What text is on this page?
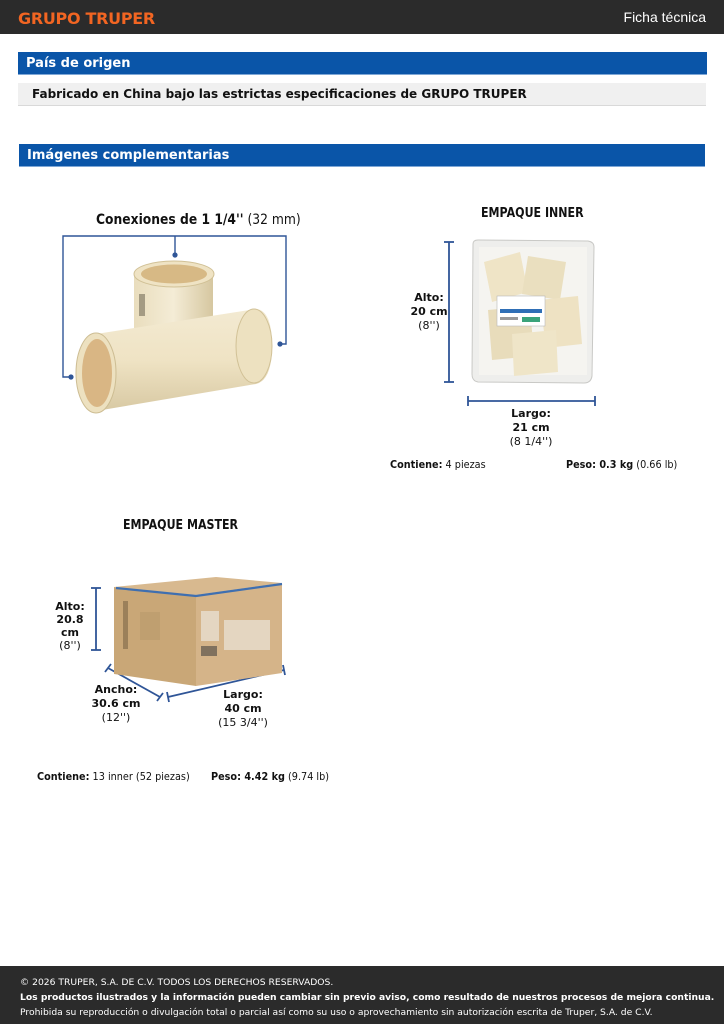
GRUPO TRUPER	Ficha técnica
País de origen
Fabricado en China bajo las estrictas especificaciones de GRUPO TRUPER
Imágenes complementarias
Conexiones de 1 1/4'' (32 mm)	EMPAQUE INNER
Alto:
20 cm
(8'')
Largo:
21 cm
(8 1/4'')
Contiene: 4 piezas	Peso: 0.3 kg (0.66 lb)
EMPAQUE MASTER
Alto:
20.8 cm
(8'')
Ancho:
30.6 cm
(12'')
Largo:
40 cm
(15 3/4'')
Contiene: 13 inner (52 piezas) Peso: 4.42 kg (9.74 lb)
© 2026 TRUPER, S.A. DE C.V. TODOS LOS DERECHOS RESERVADOS.
Los productos ilustrados y la información pueden cambiar sin previo aviso, como resultado de nuestros procesos de mejora continua.
Prohibida su reproducción o divulgación total o parcial así como su uso o aprovechamiento sin autorización escrita de Truper, S.A. de C.V.
